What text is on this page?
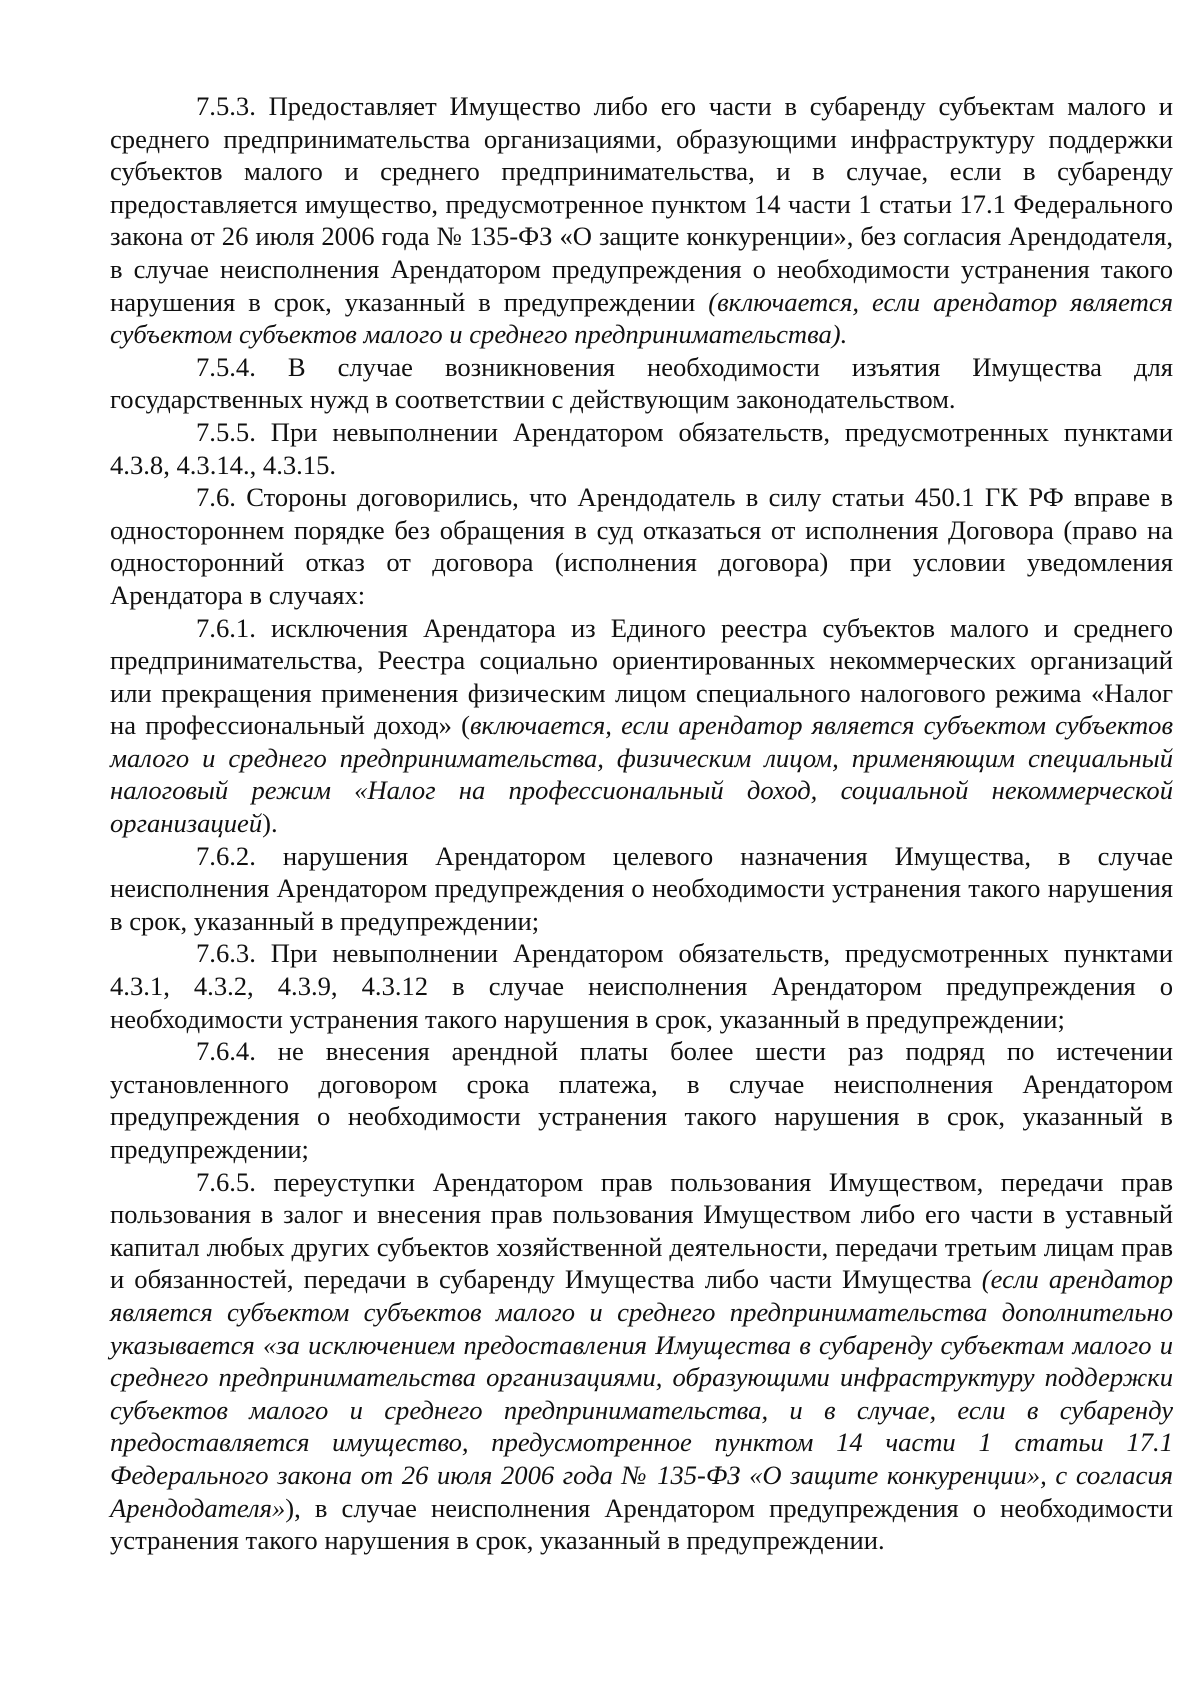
7.5.3. Предоставляет Имущество либо его части в субаренду субъектам малого и среднего предпринимательства организациями, образующими инфраструктуру поддержки субъектов малого и среднего предпринимательства, и в случае, если в субаренду предоставляется имущество, предусмотренное пунктом 14 части 1 статьи 17.1 Федерального закона от 26 июля 2006 года № 135-ФЗ «О защите конкуренции», без согласия Арендодателя, в случае неисполнения Арендатором предупреждения о необходимости устранения такого нарушения в срок, указанный в предупреждении (включается, если арендатор является субъектом субъектов малого и среднего предпринимательства).

7.5.4. В случае возникновения необходимости изъятия Имущества для государственных нужд в соответствии с действующим законодательством.

7.5.5. При невыполнении Арендатором обязательств, предусмотренных пунктами 4.3.8, 4.3.14., 4.3.15.

7.6. Стороны договорились, что Арендодатель в силу статьи 450.1 ГК РФ вправе в одностороннем порядке без обращения в суд отказаться от исполнения Договора (право на односторонний отказ от договора (исполнения договора) при условии уведомления Арендатора в случаях:

7.6.1. исключения Арендатора из Единого реестра субъектов малого и среднего предпринимательства, Реестра социально ориентированных некоммерческих организаций или прекращения применения физическим лицом специального налогового режима «Налог на профессиональный доход» (включается, если арендатор является субъектом субъектов малого и среднего предпринимательства, физическим лицом, применяющим специальный налоговый режим «Налог на профессиональный доход, социальной некоммерческой организацией).

7.6.2. нарушения Арендатором целевого назначения Имущества, в случае неисполнения Арендатором предупреждения о необходимости устранения такого нарушения в срок, указанный в предупреждении;

7.6.3. При невыполнении Арендатором обязательств, предусмотренных пунктами 4.3.1, 4.3.2, 4.3.9, 4.3.12 в случае неисполнения Арендатором предупреждения о необходимости устранения такого нарушения в срок, указанный в предупреждении;

7.6.4. не внесения арендной платы более шести раз подряд по истечении установленного договором срока платежа, в случае неисполнения Арендатором предупреждения о необходимости устранения такого нарушения в срок, указанный в предупреждении;

7.6.5. переуступки Арендатором прав пользования Имуществом, передачи прав пользования в залог и внесения прав пользования Имуществом либо его части в уставный капитал любых других субъектов хозяйственной деятельности, передачи третьим лицам прав и обязанностей, передачи в субаренду Имущества либо части Имущества (если арендатор является субъектом субъектов малого и среднего предпринимательства дополнительно указывается «за исключением предоставления Имущества в субаренду субъектам малого и среднего предпринимательства организациями, образующими инфраструктуру поддержки субъектов малого и среднего предпринимательства, и в случае, если в субаренду предоставляется имущество, предусмотренное пунктом 14 части 1 статьи 17.1 Федерального закона от 26 июля 2006 года № 135-ФЗ «О защите конкуренции», с согласия Арендодателя»), в случае неисполнения Арендатором предупреждения о необходимости устранения такого нарушения в срок, указанный в предупреждении.
